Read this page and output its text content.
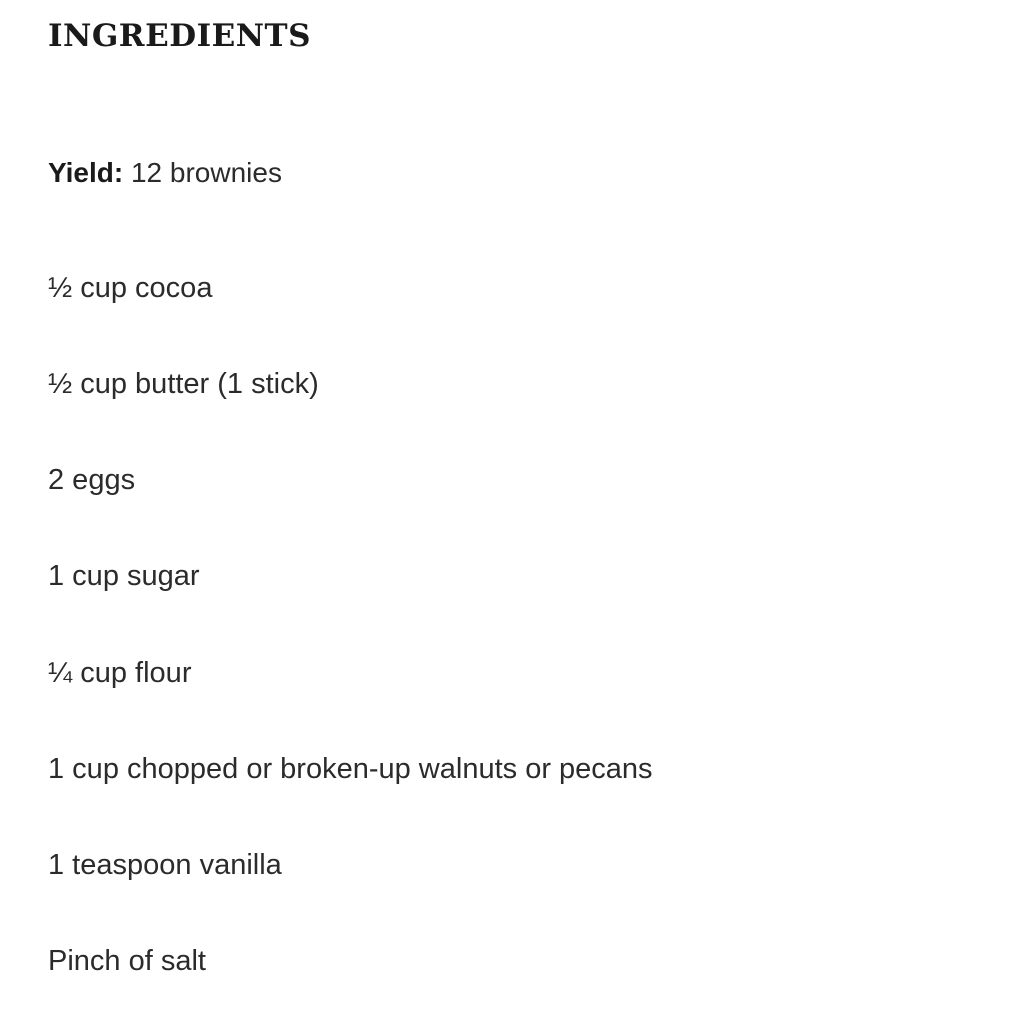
INGREDIENTS

Yield: 12 brownies

½ cup cocoa
½ cup butter (1 stick)
2 eggs
1 cup sugar
¼ cup flour
1 cup chopped or broken-up walnuts or pecans
1 teaspoon vanilla
Pinch of salt
